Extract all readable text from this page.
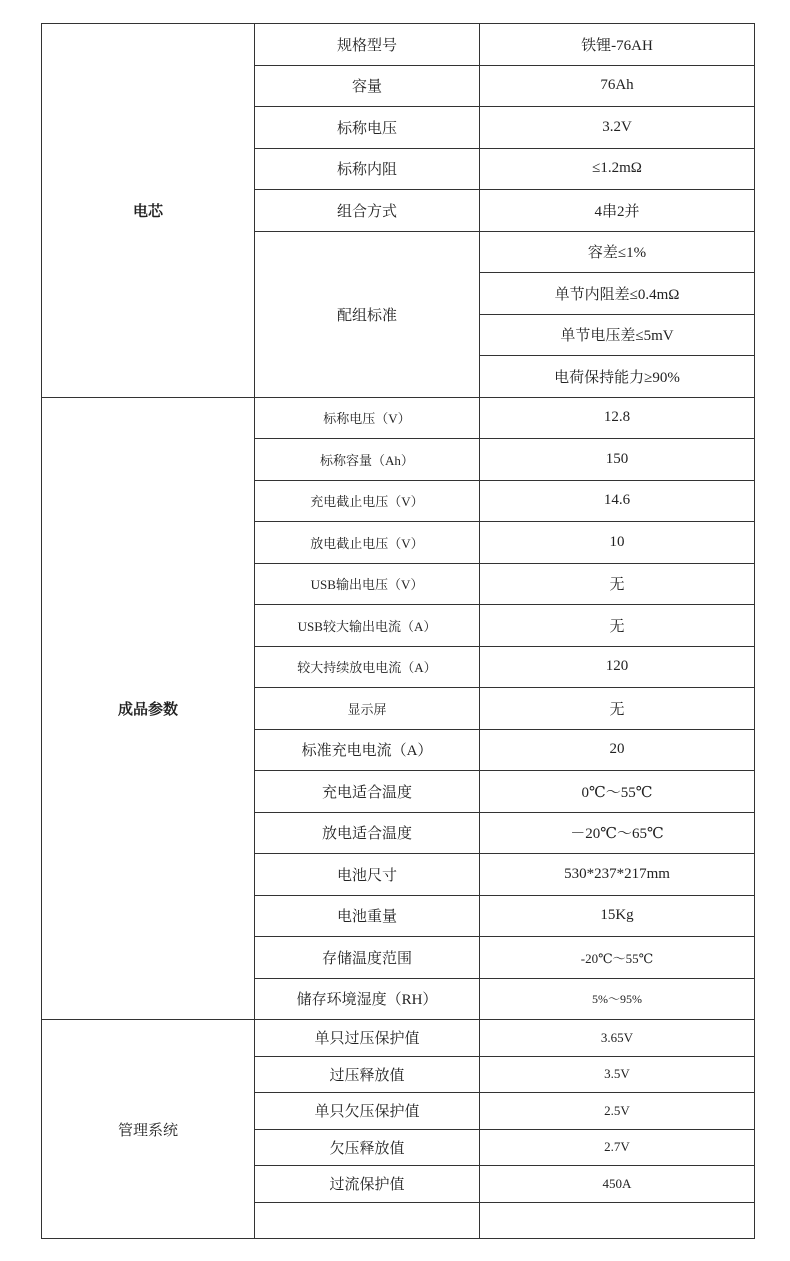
电芯	规格型号	铁锂-76AH
	容量	76Ah
	标称电压	3.2V
	标称内阻	≤1.2mΩ
	组合方式	4串2并
	配组标准	容差≤1%
		单节内阻差≤0.4mΩ
		单节电压差≤5mV
		电荷保持能力≥90%
成品参数	标称电压（V）	12.8
	标称容量（Ah）	150
	充电截止电压（V）	14.6
	放电截止电压（V）	10
	USB输出电压（V）	无
	USB较大输出电流（A）	无
	较大持续放电电流（A）	120
	显示屏	无
	标准充电电流（A）	20
	充电适合温度	0℃～55℃
	放电适合温度	－20℃～65℃
	电池尺寸	530*237*217mm
	电池重量	15Kg
	存储温度范围	-20℃～55℃
	储存环境湿度（RH）	5%～95%
管理系统	单只过压保护值	3.65V
	过压释放值	3.5V
	单只欠压保护值	2.5V
	欠压释放值	2.7V
	过流保护值	450A
